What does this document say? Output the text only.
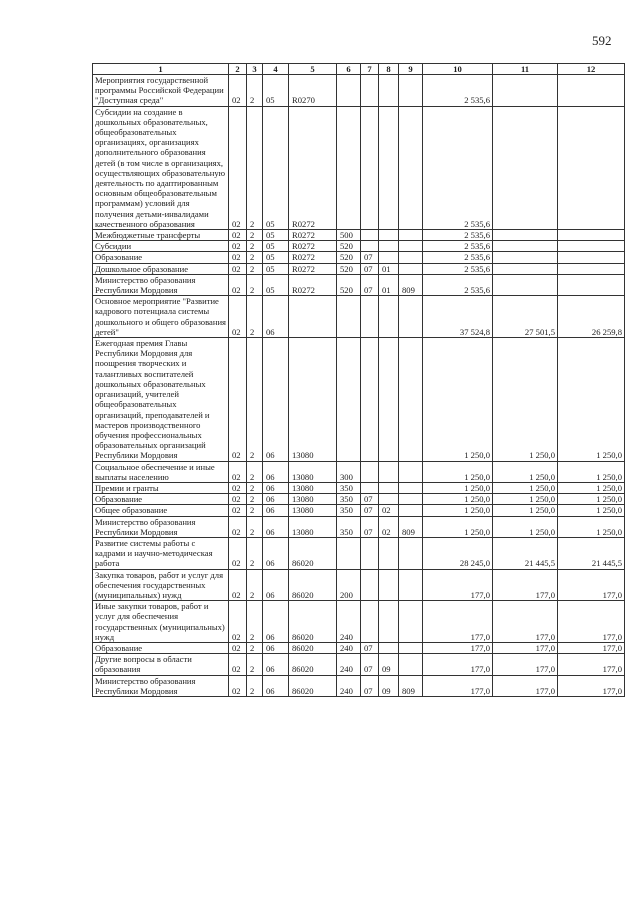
592
1	2	3	4	5	6	7	8	9	10	11	12
Мероприятия государственной программы Российской Федерации "Доступная среда"	02	2	05	R0270					2 535,6		
Субсидии на создание в дошкольных образовательных, общеобразовательных организациях, организациях дополнительного образования детей (в том числе в организациях, осуществляющих образовательную деятельность по адаптированным основным общеобразовательным программам) условий для получения детьми-инвалидами качественного образования	02	2	05	R0272					2 535,6		
Межбюджетные трансферты	02	2	05	R0272	500				2 535,6		
Субсидии	02	2	05	R0272	520				2 535,6		
Образование	02	2	05	R0272	520	07			2 535,6		
Дошкольное образование	02	2	05	R0272	520	07	01		2 535,6		
Министерство образования Республики Мордовия	02	2	05	R0272	520	07	01	809	2 535,6		
Основное мероприятие "Развитие кадрового потенциала системы дошкольного и общего образования детей"	02	2	06						37 524,8	27 501,5	26 259,8
Ежегодная премия Главы Республики Мордовия для поощрения творческих и талантливых воспитателей дошкольных образовательных организаций, учителей общеобразовательных организаций, преподавателей и мастеров производственного обучения профессиональных образовательных организаций Республики Мордовия	02	2	06	13080					1 250,0	1 250,0	1 250,0
Социальное обеспечение и иные выплаты населению	02	2	06	13080	300				1 250,0	1 250,0	1 250,0
Премии и гранты	02	2	06	13080	350				1 250,0	1 250,0	1 250,0
Образование	02	2	06	13080	350	07			1 250,0	1 250,0	1 250,0
Общее образование	02	2	06	13080	350	07	02		1 250,0	1 250,0	1 250,0
Министерство образования Республики Мордовия	02	2	06	13080	350	07	02	809	1 250,0	1 250,0	1 250,0
Развитие системы работы с кадрами и научно-методическая работа	02	2	06	86020					28 245,0	21 445,5	21 445,5
Закупка товаров, работ и услуг для обеспечения государственных (муниципальных) нужд	02	2	06	86020	200				177,0	177,0	177,0
Иные закупки товаров, работ и услуг для обеспечения государственных (муниципальных) нужд	02	2	06	86020	240				177,0	177,0	177,0
Образование	02	2	06	86020	240	07			177,0	177,0	177,0
Другие вопросы в области образования	02	2	06	86020	240	07	09		177,0	177,0	177,0
Министерство образования Республики Мордовия	02	2	06	86020	240	07	09	809	177,0	177,0	177,0
